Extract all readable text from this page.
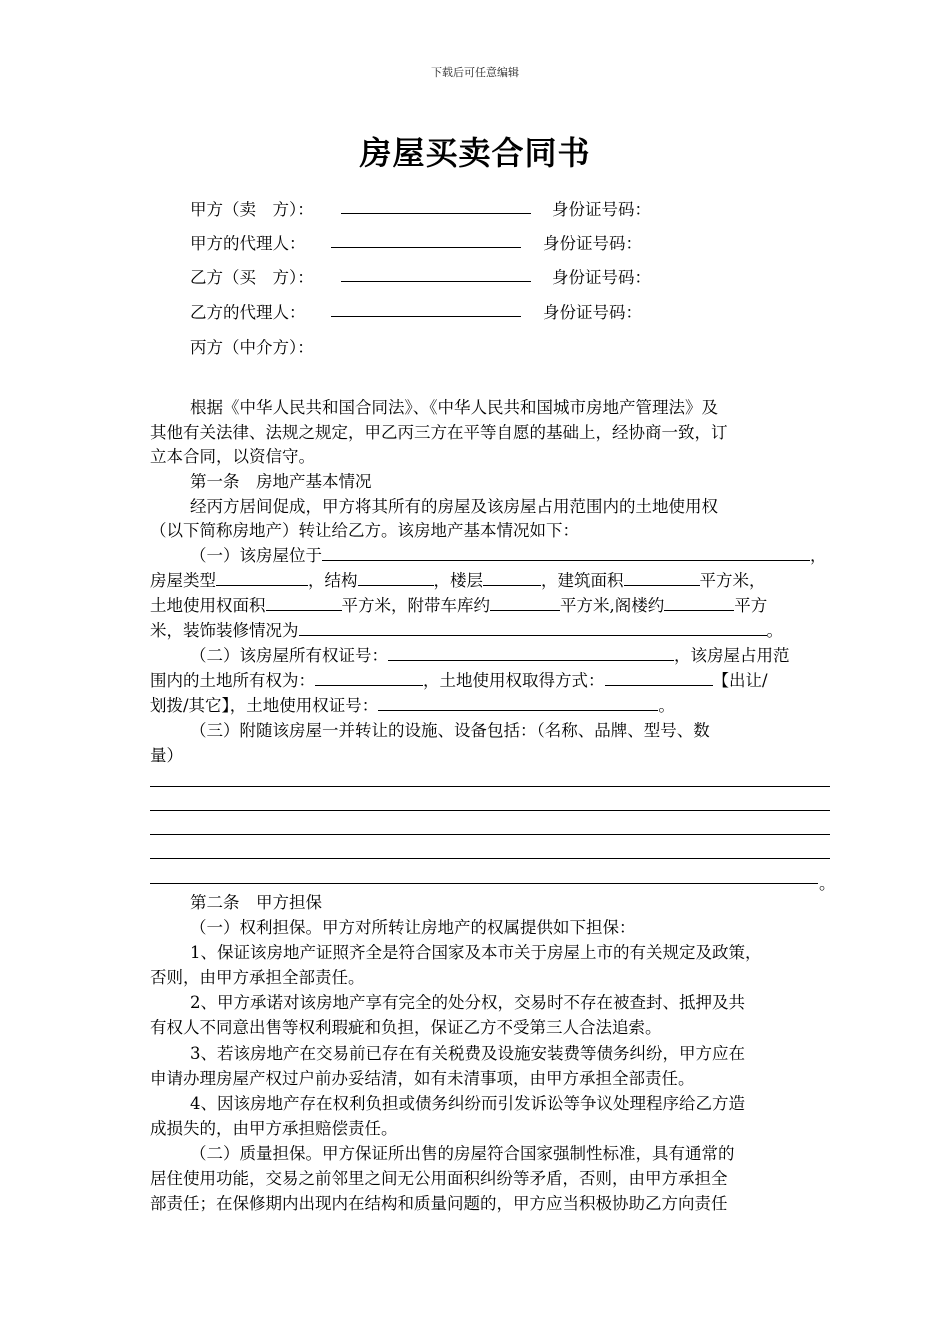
下载后可任意编辑
房屋买卖合同书
甲方（卖　方）：	身份证号码：
甲方的代理人：	身份证号码：
乙方（买　方）：	身份证号码：
乙方的代理人：	身份证号码：
丙方（中介方）：
根据《中华人民共和国合同法》、《中华人民共和国城市房地产管理法》及
其他有关法律、法规之规定，甲乙丙三方在平等自愿的基础上，经协商一致，订
立本合同，以资信守。
第一条　房地产基本情况
经丙方居间促成，甲方将其所有的房屋及该房屋占用范围内的土地使用权
（以下简称房地产）转让给乙方。该房地产基本情况如下：
（一）该房屋位于	，
房屋类型	，结构	，楼层	，建筑面积	平方米，
土地使用权面积	平方米，附带车库约	平方米,阁楼约	平方
米，装饰装修情况为	。
（二）该房屋所有权证号：	，该房屋占用范
围内的土地所有权为：	，土地使用权取得方式：	【出让/
划拨/其它】，土地使用权证号：	。
（三）附随该房屋一并转让的设施、设备包括：（名称、品牌、型号、数
量）
。
第二条　甲方担保
（一）权利担保。甲方对所转让房地产的权属提供如下担保：
1、保证该房地产证照齐全是符合国家及本市关于房屋上市的有关规定及政策，
否则，由甲方承担全部责任。
2、甲方承诺对该房地产享有完全的处分权，交易时不存在被查封、抵押及共
有权人不同意出售等权利瑕疵和负担，保证乙方不受第三人合法追索。
3、若该房地产在交易前已存在有关税费及设施安装费等债务纠纷，甲方应在
申请办理房屋产权过户前办妥结清，如有未清事项，由甲方承担全部责任。
4、因该房地产存在权利负担或债务纠纷而引发诉讼等争议处理程序给乙方造
成损失的，由甲方承担赔偿责任。
（二）质量担保。甲方保证所出售的房屋符合国家强制性标准，具有通常的
居住使用功能，交易之前邻里之间无公用面积纠纷等矛盾，否则，由甲方承担全
部责任；在保修期内出现内在结构和质量问题的，甲方应当积极协助乙方向责任
